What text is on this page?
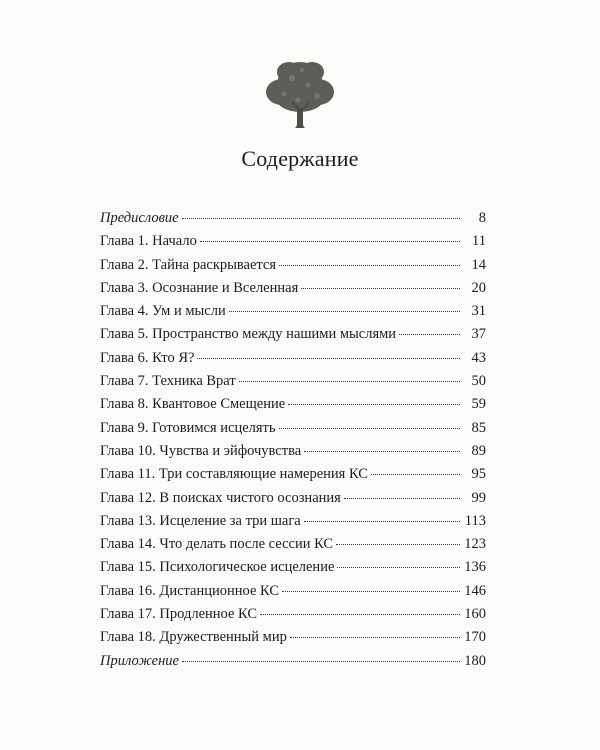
Содержание
Предисловие	8
Глава 1. Начало	11
Глава 2. Тайна раскрывается	14
Глава 3. Осознание и Вселенная	20
Глава 4. Ум и мысли	31
Глава 5. Пространство между нашими мыслями	37
Глава 6. Кто Я?	43
Глава 7. Техника Врат	50
Глава 8. Квантовое Смещение	59
Глава 9. Готовимся исцелять	85
Глава 10. Чувства и эйфочувства	89
Глава 11. Три составляющие намерения КС	95
Глава 12. В поисках чистого осознания	99
Глава 13. Исцеление за три шага	113
Глава 14. Что делать после сессии КС	123
Глава 15. Психологическое исцеление	136
Глава 16. Дистанционное КС	146
Глава 17. Продленное КС	160
Глава 18. Дружественный мир	170
Приложение	180
